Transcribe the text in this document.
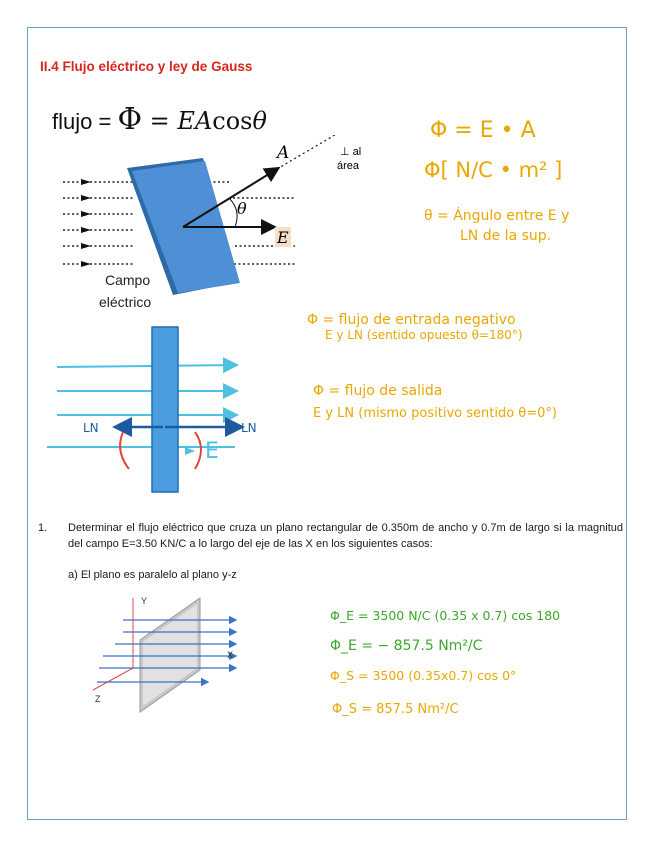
II.4 Flujo eléctrico y ley de Gauss
flujo = Φ = EAcosθ
A	⊥ al
área
θ
E
Campo
eléctrico
Φ = E • A
Φ[ N/C • m² ]
θ = Ángulo entre E y
LN de la sup.
LN	LN
E
Φ = flujo de entrada negativo
E y LN (sentido opuesto θ=180°)
Φ = flujo de salida
E y LN (mismo positivo sentido θ=0°)
1. Determinar el flujo eléctrico que cruza un plano rectangular de 0.350m de ancho y 0.7m de largo si la magnitud del campo E=3.50 KN/C a lo largo del eje de las X en los siguientes casos:
a) El plano es paralelo al plano y-z
Y
X
Z
Φ_E = 3500 N/C (0.35 x 0.7) cos 180
Φ_E = − 857.5 Nm²/C
Φ_S = 3500 (0.35x0.7) cos 0°
Φ_S = 857.5 Nm²/C
